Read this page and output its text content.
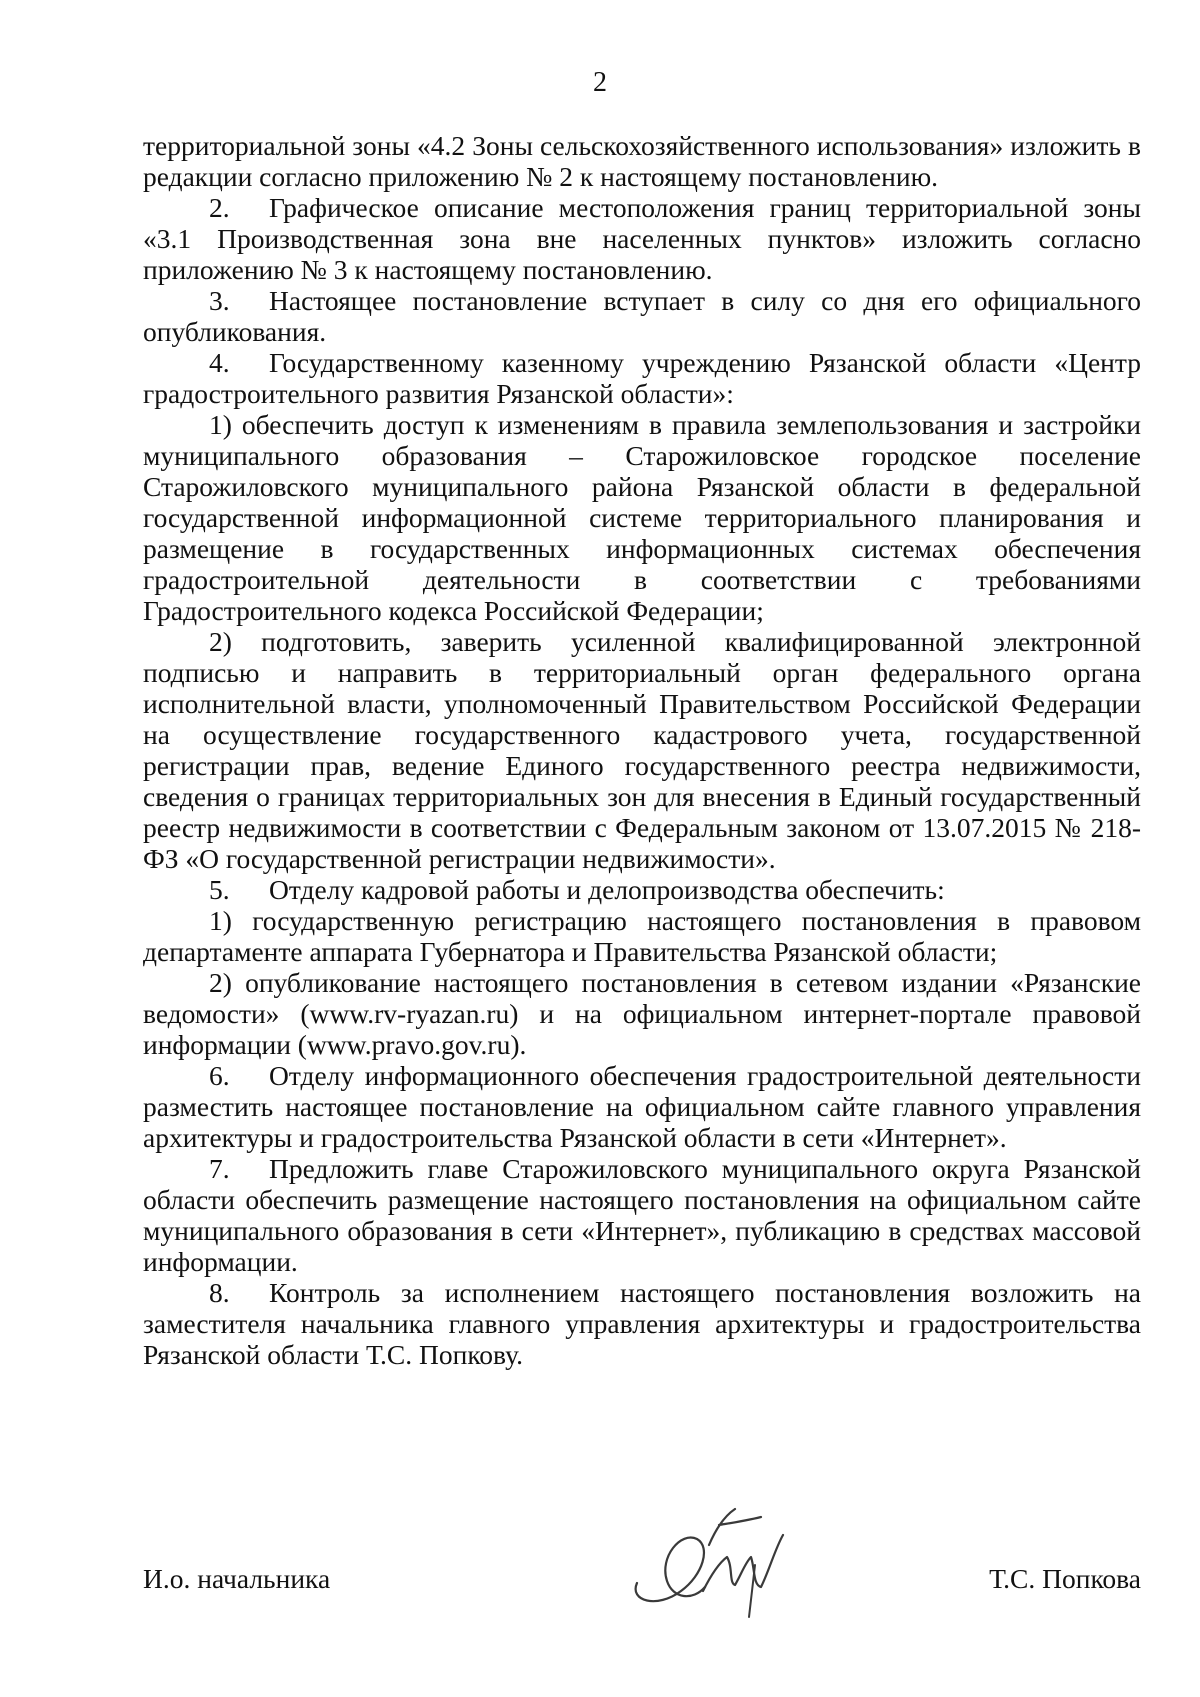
2

территориальной зоны «4.2 Зоны сельскохозяйственного использования» изложить в редакции согласно приложению № 2 к настоящему постановлению.

2. Графическое описание местоположения границ территориальной зоны «3.1 Производственная зона вне населенных пунктов» изложить согласно приложению № 3 к настоящему постановлению.

3. Настоящее постановление вступает в силу со дня его официального опубликования.

4. Государственному казенному учреждению Рязанской области «Центр градостроительного развития Рязанской области»:

1) обеспечить доступ к изменениям в правила землепользования и застройки муниципального образования – Старожиловское городское поселение Старожиловского муниципального района Рязанской области в федеральной государственной информационной системе территориального планирования и размещение в государственных информационных системах обеспечения градостроительной деятельности в соответствии с требованиями Градостроительного кодекса Российской Федерации;

2) подготовить, заверить усиленной квалифицированной электронной подписью и направить в территориальный орган федерального органа исполнительной власти, уполномоченный Правительством Российской Федерации на осуществление государственного кадастрового учета, государственной регистрации прав, ведение Единого государственного реестра недвижимости, сведения о границах территориальных зон для внесения в Единый государственный реестр недвижимости в соответствии с Федеральным законом от 13.07.2015 № 218-ФЗ «О государственной регистрации недвижимости».

5. Отделу кадровой работы и делопроизводства обеспечить:

1) государственную регистрацию настоящего постановления в правовом департаменте аппарата Губернатора и Правительства Рязанской области;

2) опубликование настоящего постановления в сетевом издании «Рязанские ведомости» (www.rv-ryazan.ru) и на официальном интернет-портале правовой информации (www.pravo.gov.ru).

6. Отделу информационного обеспечения градостроительной деятельности разместить настоящее постановление на официальном сайте главного управления архитектуры и градостроительства Рязанской области в сети «Интернет».

7. Предложить главе Старожиловского муниципального округа Рязанской области обеспечить размещение настоящего постановления на официальном сайте муниципального образования в сети «Интернет», публикацию в средствах массовой информации.

8. Контроль за исполнением настоящего постановления возложить на заместителя начальника главного управления архитектуры и градостроительства Рязанской области Т.С. Попкову.

И.о. начальника	Т.С. Попкова
